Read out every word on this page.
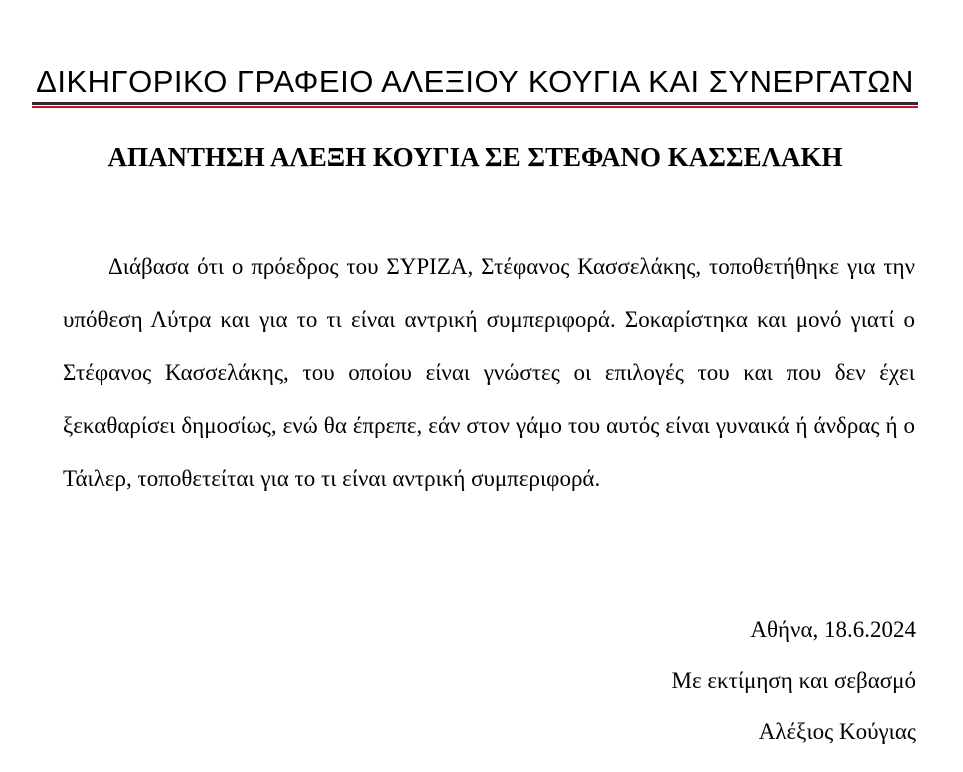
ΔΙΚΗΓΟΡΙΚΟ ΓΡΑΦΕΙΟ ΑΛΕΞΙΟΥ ΚΟΥΓΙΑ ΚΑΙ ΣΥΝΕΡΓΑΤΩΝ
ΑΠΑΝΤΗΣΗ ΑΛΕΞΗ ΚΟΥΓΙΑ ΣΕ ΣΤΕΦΑΝΟ ΚΑΣΣΕΛΑΚΗ

Διάβασα ότι ο πρόεδρος του ΣΥΡΙΖΑ, Στέφανος Κασσελάκης, τοποθετήθηκε για την υπόθεση Λύτρα και για το τι είναι αντρική συμπεριφορά. Σοκαρίστηκα και μονό γιατί ο Στέφανος Κασσελάκης, του οποίου είναι γνώστες οι επιλογές του και που δεν έχει ξεκαθαρίσει δημοσίως, ενώ θα έπρεπε, εάν στον γάμο του αυτός είναι γυναικά ή άνδρας ή ο Τάιλερ, τοποθετείται για το τι είναι αντρική συμπεριφορά.

Αθήνα, 18.6.2024
Με εκτίμηση και σεβασμό
Αλέξιος Κούγιας
